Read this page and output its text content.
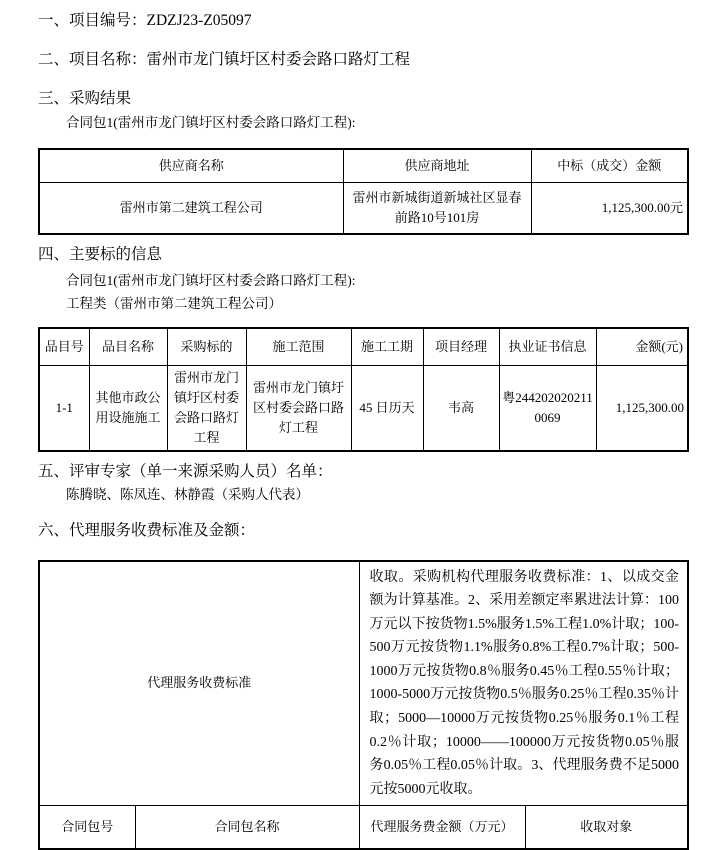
一、项目编号：ZDZJ23-Z05097
二、项目名称：雷州市龙门镇圩区村委会路口路灯工程
三、采购结果
合同包1(雷州市龙门镇圩区村委会路口路灯工程):
供应商名称	供应商地址	中标（成交）金额
雷州市第二建筑工程公司	雷州市新城街道新城社区显春前路10号101房	1,125,300.00元
四、主要标的信息
合同包1(雷州市龙门镇圩区村委会路口路灯工程):
工程类（雷州市第二建筑工程公司）
品目号	品目名称	采购标的	施工范围	施工工期	项目经理	执业证书信息	金额(元)
1-1	其他市政公用设施施工	雷州市龙门镇圩区村委会路口路灯工程	雷州市龙门镇圩区村委会路口路灯工程	45 日历天	韦高	粤2442020202110069	1,125,300.00
五、评审专家（单一来源采购人员）名单：
陈腾晓、陈凤连、林静霞（采购人代表）
六、代理服务收费标准及金额：
代理服务收费标准		收取。采购机构代理服务收费标准：1、以成交金额为计算基准。2、采用差额定率累进法计算：100万元以下按货物1.5%服务1.5%工程1.0%计取；100-500万元按货物1.1%服务0.8%工程0.7%计取；500-1000万元按货物0.8％服务0.45％工程0.55％计取；1000-5000万元按货物0.5％服务0.25％工程0.35％计取；5000—10000万元按货物0.25％服务0.1％工程0.2％计取；10000——100000万元按货物0.05％服务0.05％工程0.05％计取。3、代理服务费不足5000元按5000元收取。	
合同包号	合同包名称	代理服务费金额（万元）	收取对象
